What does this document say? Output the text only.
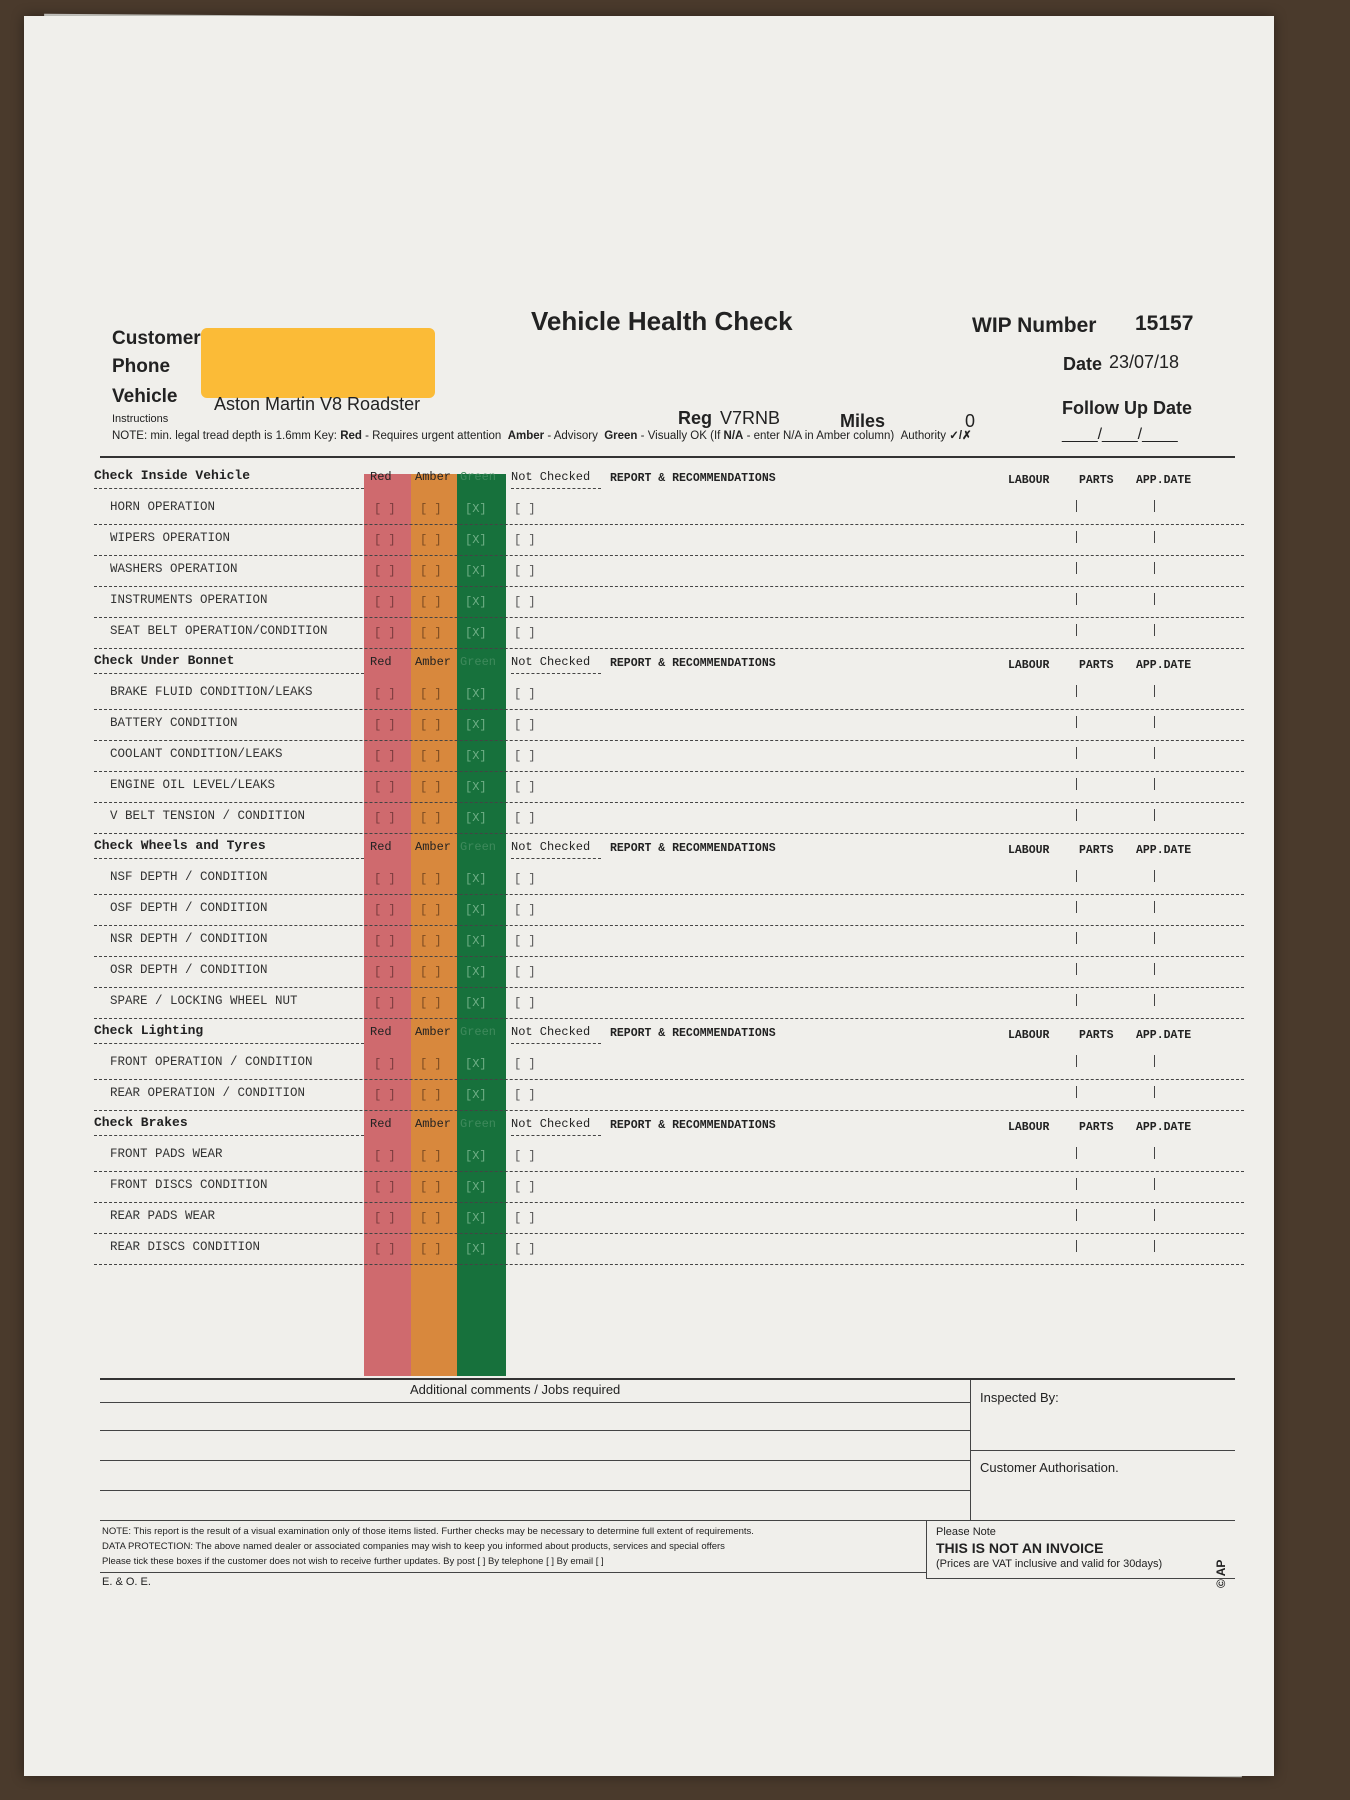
Vehicle Health Check	WIP Number 15157
Customer
Phone
Vehicle Aston Martin V8 Roadster
Instructions
Date 23/07/18
Reg V7RNB	Miles	0
Follow Up Date
____/____/____
NOTE: min. legal tread depth is 1.6mm Key: Red - Requires urgent attention Amber - Advisory Green - Visually OK (If N/A - enter N/A in Amber column) Authority ✓/✗
Check Inside Vehicle	Red Amber Green Not Checked REPORT & RECOMMENDATIONS	LABOUR	PARTS APP.DATE
HORN OPERATION	[ ] [ ] [X] [ ]
WIPERS OPERATION	[ ] [ ] [X] [ ]
WASHERS OPERATION	[ ] [ ] [X] [ ]
INSTRUMENTS OPERATION	[ ] [ ] [X] [ ]
SEAT BELT OPERATION/CONDITION	[ ] [ ] [X] [ ]
Check Under Bonnet	Red Amber Green Not Checked REPORT & RECOMMENDATIONS	LABOUR	PARTS APP.DATE
BRAKE FLUID CONDITION/LEAKS	[ ] [ ] [X] [ ]
BATTERY CONDITION	[ ] [ ] [X] [ ]
COOLANT CONDITION/LEAKS	[ ] [ ] [X] [ ]
ENGINE OIL LEVEL/LEAKS	[ ] [ ] [X] [ ]
V BELT TENSION / CONDITION	[ ] [ ] [X] [ ]
Check Wheels and Tyres	Red Amber Green Not Checked REPORT & RECOMMENDATIONS	LABOUR	PARTS APP.DATE
NSF DEPTH / CONDITION	[ ] [ ] [X] [ ]
OSF DEPTH / CONDITION	[ ] [ ] [X] [ ]
NSR DEPTH / CONDITION	[ ] [ ] [X] [ ]
OSR DEPTH / CONDITION	[ ] [ ] [X] [ ]
SPARE / LOCKING WHEEL NUT	[ ] [ ] [X] [ ]
Check Lighting	Red Amber Green Not Checked REPORT & RECOMMENDATIONS	LABOUR	PARTS APP.DATE
FRONT OPERATION / CONDITION	[ ] [ ] [X] [ ]
REAR OPERATION / CONDITION	[ ] [ ] [X] [ ]
Check Brakes	Red Amber Green Not Checked REPORT & RECOMMENDATIONS	LABOUR	PARTS APP.DATE
FRONT PADS WEAR	[ ] [ ] [X] [ ]
FRONT DISCS CONDITION	[ ] [ ] [X] [ ]
REAR PADS WEAR	[ ] [ ] [X] [ ]
REAR DISCS CONDITION	[ ] [ ] [X] [ ]
Additional comments / Jobs required
Inspected By:
Customer Authorisation.
NOTE: This report is the result of a visual examination only of those items listed. Further checks may be necessary to determine full extent of requirements.
DATA PROTECTION: The above named dealer or associated companies may wish to keep you informed about products, services and special offers
Please tick these boxes if the customer does not wish to receive further updates. By post [ ] By telephone [ ] By email [ ]
Please Note
THIS IS NOT AN INVOICE
(Prices are VAT inclusive and valid for 30days)	© AP
E. & O. E.
